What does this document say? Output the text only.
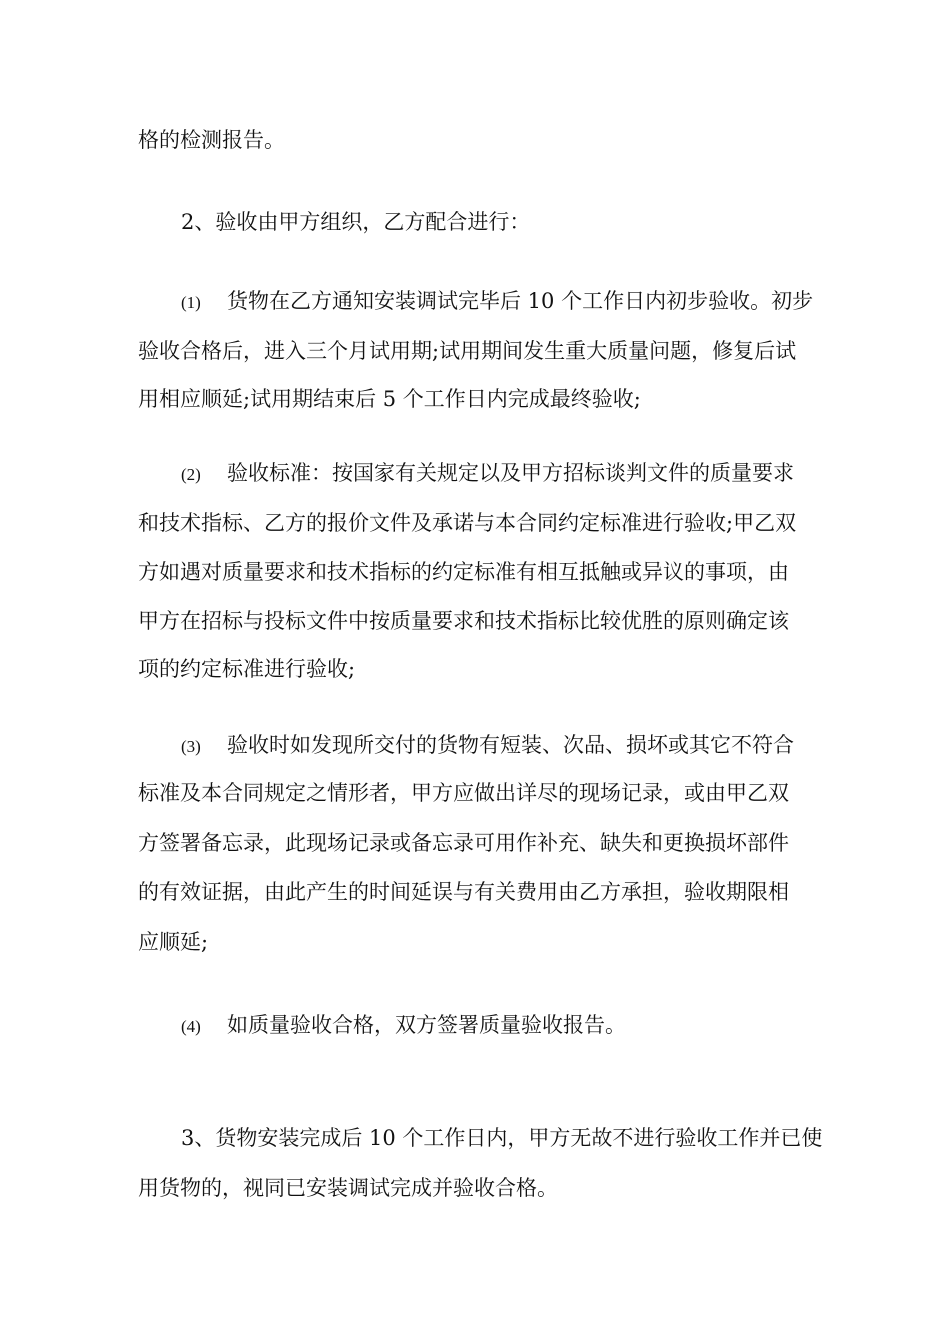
格的检测报告。
2、验收由甲方组织，乙方配合进行：
(1) 货物在乙方通知安装调试完毕后 10 个工作日内初步验收。初步
验收合格后，进入三个月试用期;试用期间发生重大质量问题，修复后试
用相应顺延;试用期结束后 5 个工作日内完成最终验收;
(2) 验收标准：按国家有关规定以及甲方招标谈判文件的质量要求
和技术指标、乙方的报价文件及承诺与本合同约定标准进行验收;甲乙双
方如遇对质量要求和技术指标的约定标准有相互抵触或异议的事项，由
甲方在招标与投标文件中按质量要求和技术指标比较优胜的原则确定该
项的约定标准进行验收;
(3) 验收时如发现所交付的货物有短装、次品、损坏或其它不符合
标准及本合同规定之情形者，甲方应做出详尽的现场记录，或由甲乙双
方签署备忘录，此现场记录或备忘录可用作补充、缺失和更换损坏部件
的有效证据，由此产生的时间延误与有关费用由乙方承担，验收期限相
应顺延;
(4) 如质量验收合格，双方签署质量验收报告。
3、货物安装完成后 10 个工作日内，甲方无故不进行验收工作并已使
用货物的，视同已安装调试完成并验收合格。
